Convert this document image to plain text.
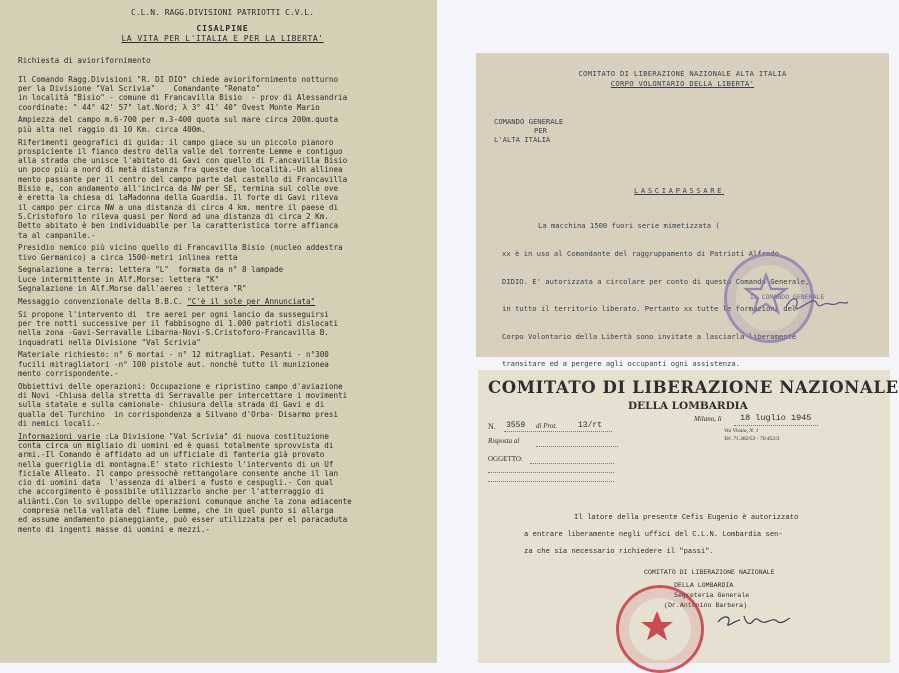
C.L.N. RAGG.DIVISIONI PATRIOTTI C.V.L.

CISALPINE

LA VITA PER L'ITALIA E PER LA LIBERTA'

Richiesta di aviorifornimento

Il Comando Ragg.Divisioni "R. DI DIO" chiede aviorifornimento notturno
per la Divisione "Val Scrivia"    Comandante "Renato"
in località "Bisio" - comune di Francavilla Bisio  - prov di Alessandria
coordinate: " 44° 42' 57" lat.Nord; λ 3° 41' 40" Ovest Monte Mario

Ampiezza del campo m.6-700 per m.3-400 quota sul mare circa 200m.quota
più alta nel raggio di 10 Km. circa 400m.

Riferimenti geografici di guida: il campo giace su un piccolo pianoro
prospiciente il fianco destro della valle del torrente Lemme e contiguo
alla strada che unisce l'abitato di Gavi con quello di F.ancavilla Bisio
un poco più a nord di metà distanza fra queste due località.-Un allinea
mento passante per il centro del campo parte dal castello di Francavilla
Bisio e, con andamento all'incirca da NW per SE, termina sul colle ove
è eretta la chiesa di laMadonna della Guardia. Il forte di Gavi rileva
il campo per circa NW a una distanza di circa 4 km. mentre il paese di
S.Cristoforo lo rileva quasi per Nord ad una distanza di circa 2 Km.
Detto abitato è ben individuabile per la caratteristica torre affianca
ta al campanile.-

Presidio nemico più vicino quello di Francavilla Bisio (nucleo addestra
tivo Germanico) a circa 1500-metri inlinea retta

Segnalazione a terra: lettera "L"  formata da n° 8 lampade
Luce intermittente in Alf.Morse: lettera "K"
Segnalazione in Alf.Morse dall'aereo : lettera "R"

Messaggio convenzionale della B.B.C. "C'è il sole per Annunciata"

Si propone l'intervento di  tre aerei per ogni lancio da susseguirsi
per tre notti successive per il fabbisogno di 1.000 patrioti dislocati
nella zona -Gavi-Serravalle Libarna-Novi-S.Cristoforo-Francavilla B.
inquadrati nella Divisione "Val Scrivia"

Materiale richiesto: n° 6 mortai - n° 12 mitragliat. Pesanti - n°300
fucili mitragliatori -n° 100 pistole aut. nonchè tutto il munizionea
mento corrispondente.-

Obbiettivi delle operazioni: Occupazione e ripristino campo d'aviazione
di Novi -Chiusa della stretta di Serravalle per intercettare i movimenti
sulla statale e sulla camionale- chiusura della strada di Gavi e di
qualla del Turchino  in corrispondenza a Silvano d'Orba- Disarmo presi
di nemici locali.-

Informazioni varie :La Divisione "Val Scrivia" di nuova costituzione
conta circa un migliaio di uomini ed è quasi totalmente sprovvista di
armi.-Il Comando è affidato ad un ufficiale di fanteria già provato
nella guerriglia di montagna.E' stato richiesto l'intervento di un Uf
ficiale Alleato. Il campo pressochè rettangolare consente anche il lan
cio di uomini data  l'assenza di alberi a fusto e cespugli.- Con qual
che accorgimento è possibile utilizzarlo anche per l'atterraggio di
aliànti.Con lo sviluppo delle operazioni comunque anche la zona adiacente
compresa nella vallata del fiume Lemme, che in quel punto si allarga
ed assume andamento pianeggiante, può esser utilizzata per el paracaduta
mento di ingenti masse di uomini e mezzi.-

COMITATO DI LIBERAZIONE NAZIONALE ALTA ITALIA
CORPO VOLONTARIO DELLA LIBERTA'
COMANDO GENERALE
PER
L'ALTA ITALIA
LASCIAPASSARE

La macchina 1500 fuori serie mimetizzata (

xx è in uso al Comandante del raggruppamento di Patrioti Alfredo

DIDIO. E' autorizzata a circolare per conto di questo Comando Generale,

in tutto il territorio liberato. Pertanto xx tutte le formazioni del

Corpo Volontario della Libertà sono invitate a lasciarla liberamente

transitare ed a pergere agli occupanti ogni assistenza.

IL COMANDO GENERALE
COMITATO DI LIBERAZIONE NAZIONALE
DELLA LOMBARDIA
N. 3559 di Prot.	13/rt
Risposta al
OGGETTO:
Milano, li 18 luglio 1945
Via Vivaio, N. 1
Tel. 71.382/53 - 70.452/3
Il latore della presente Cefis Eugenio è autorizzato
a entrare liberamente negli uffici del C.L.N. Lombardia sen-
za che sia necessario richiedere il "passi".
COMITATO DI LIBERAZIONE NAZIONALE
DELLA LOMBARDIA
Segreteria Generale
(Dr.Antonino Barbera)
